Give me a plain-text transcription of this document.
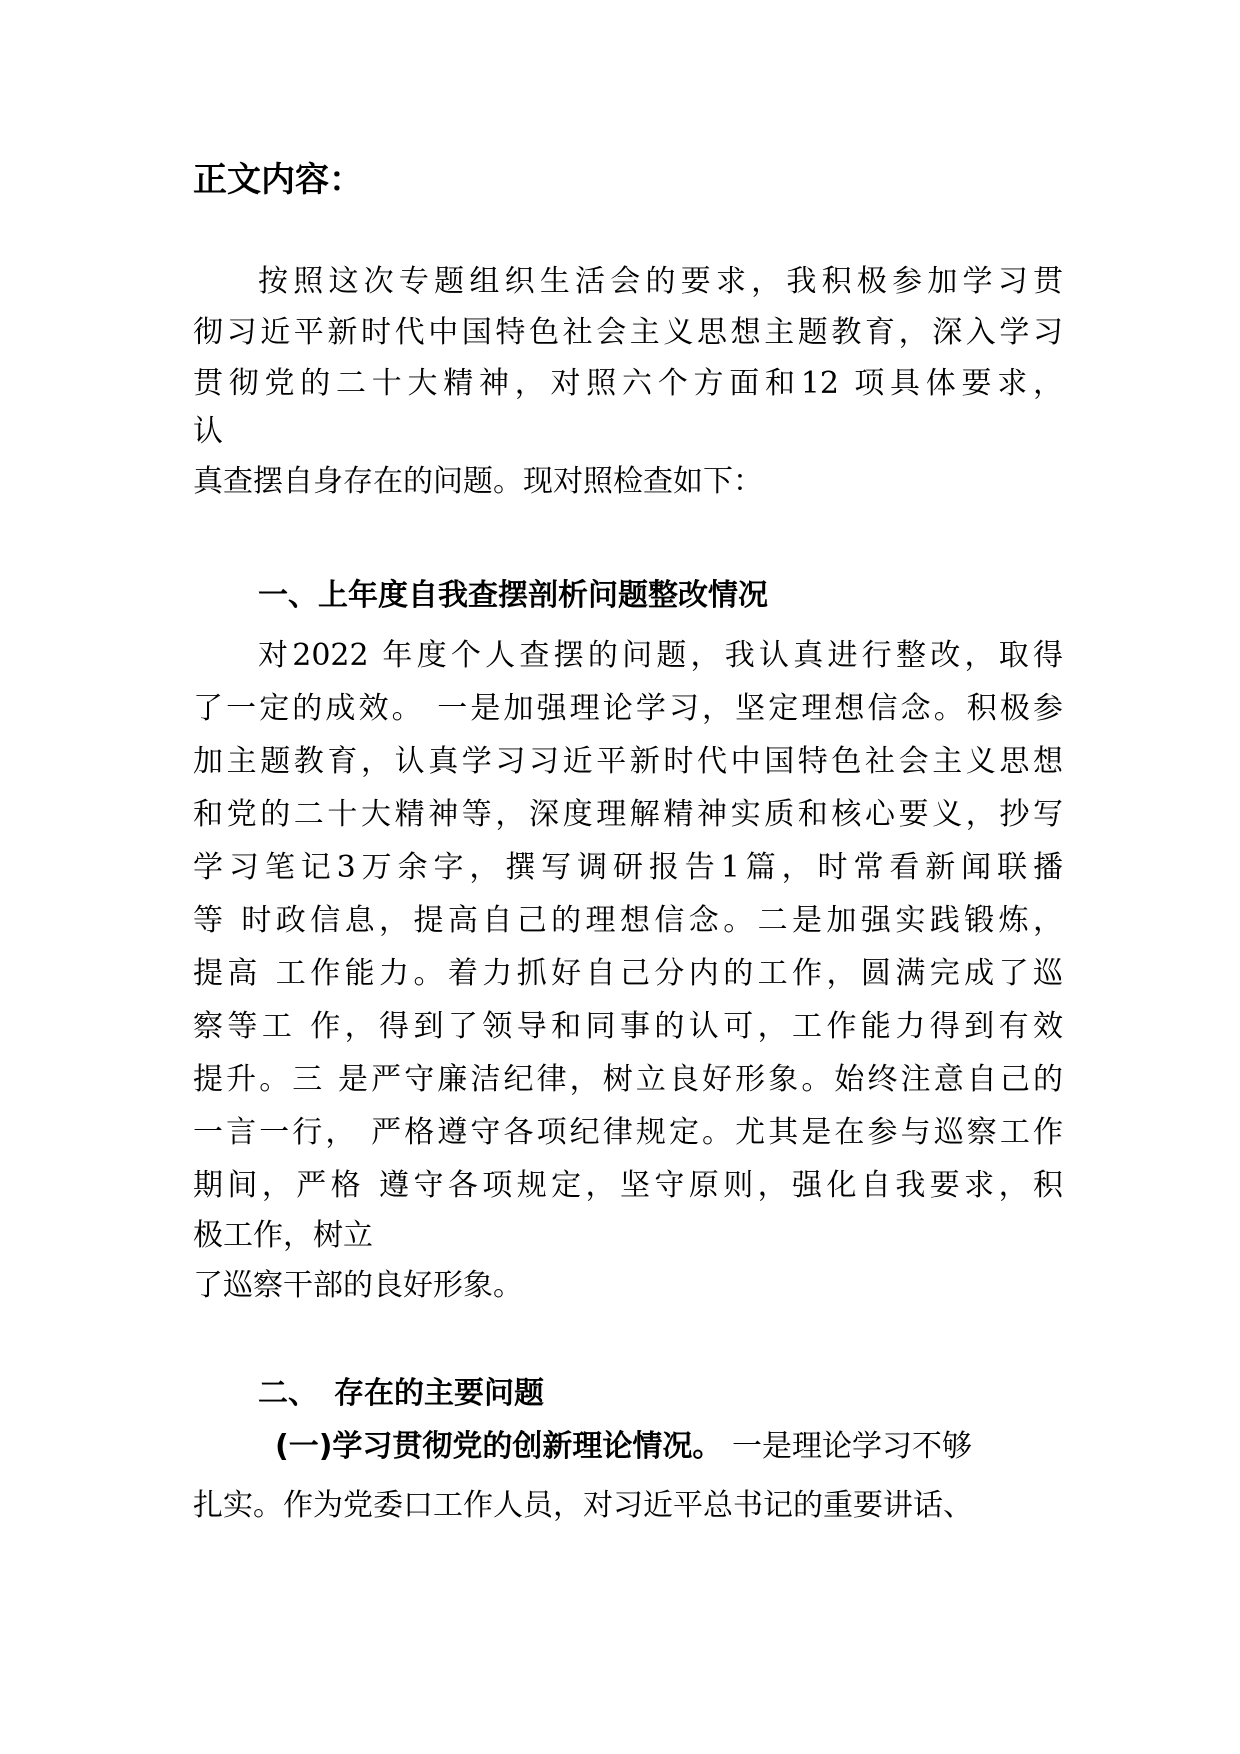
正文内容：
按照这次专题组织生活会的要求，我积极参加学习贯
彻习近平新时代中国特色社会主义思想主题教育，深入学习
贯彻党的二十大精神，对照六个方面和12 项具体要求，
认
真查摆自身存在的问题。现对照检查如下：
一、上年度自我查摆剖析问题整改情况
对2022 年度个人查摆的问题，我认真进行整改，取得
了一定的成效。 一是加强理论学习，坚定理想信念。积极参
加主题教育，认真学习习近平新时代中国特色社会主义思想
和党的二十大精神等，深度理解精神实质和核心要义，抄写
学习笔记3万余字，撰写调研报告1篇，时常看新闻联播
等 时政信息，提高自己的理想信念。二是加强实践锻炼，
提高 工作能力。着力抓好自己分内的工作，圆满完成了巡
察等工 作，得到了领导和同事的认可，工作能力得到有效
提升。三 是严守廉洁纪律，树立良好形象。始终注意自己的
一言一行， 严格遵守各项纪律规定。尤其是在参与巡察工作
期间，严格 遵守各项规定，坚守原则，强化自我要求，积
极工作，树立
了巡察干部的良好形象。
二、 存在的主要问题
(一)学习贯彻党的创新理论情况。 一是理论学习不够
扎实。作为党委口工作人员，对习近平总书记的重要讲话、
